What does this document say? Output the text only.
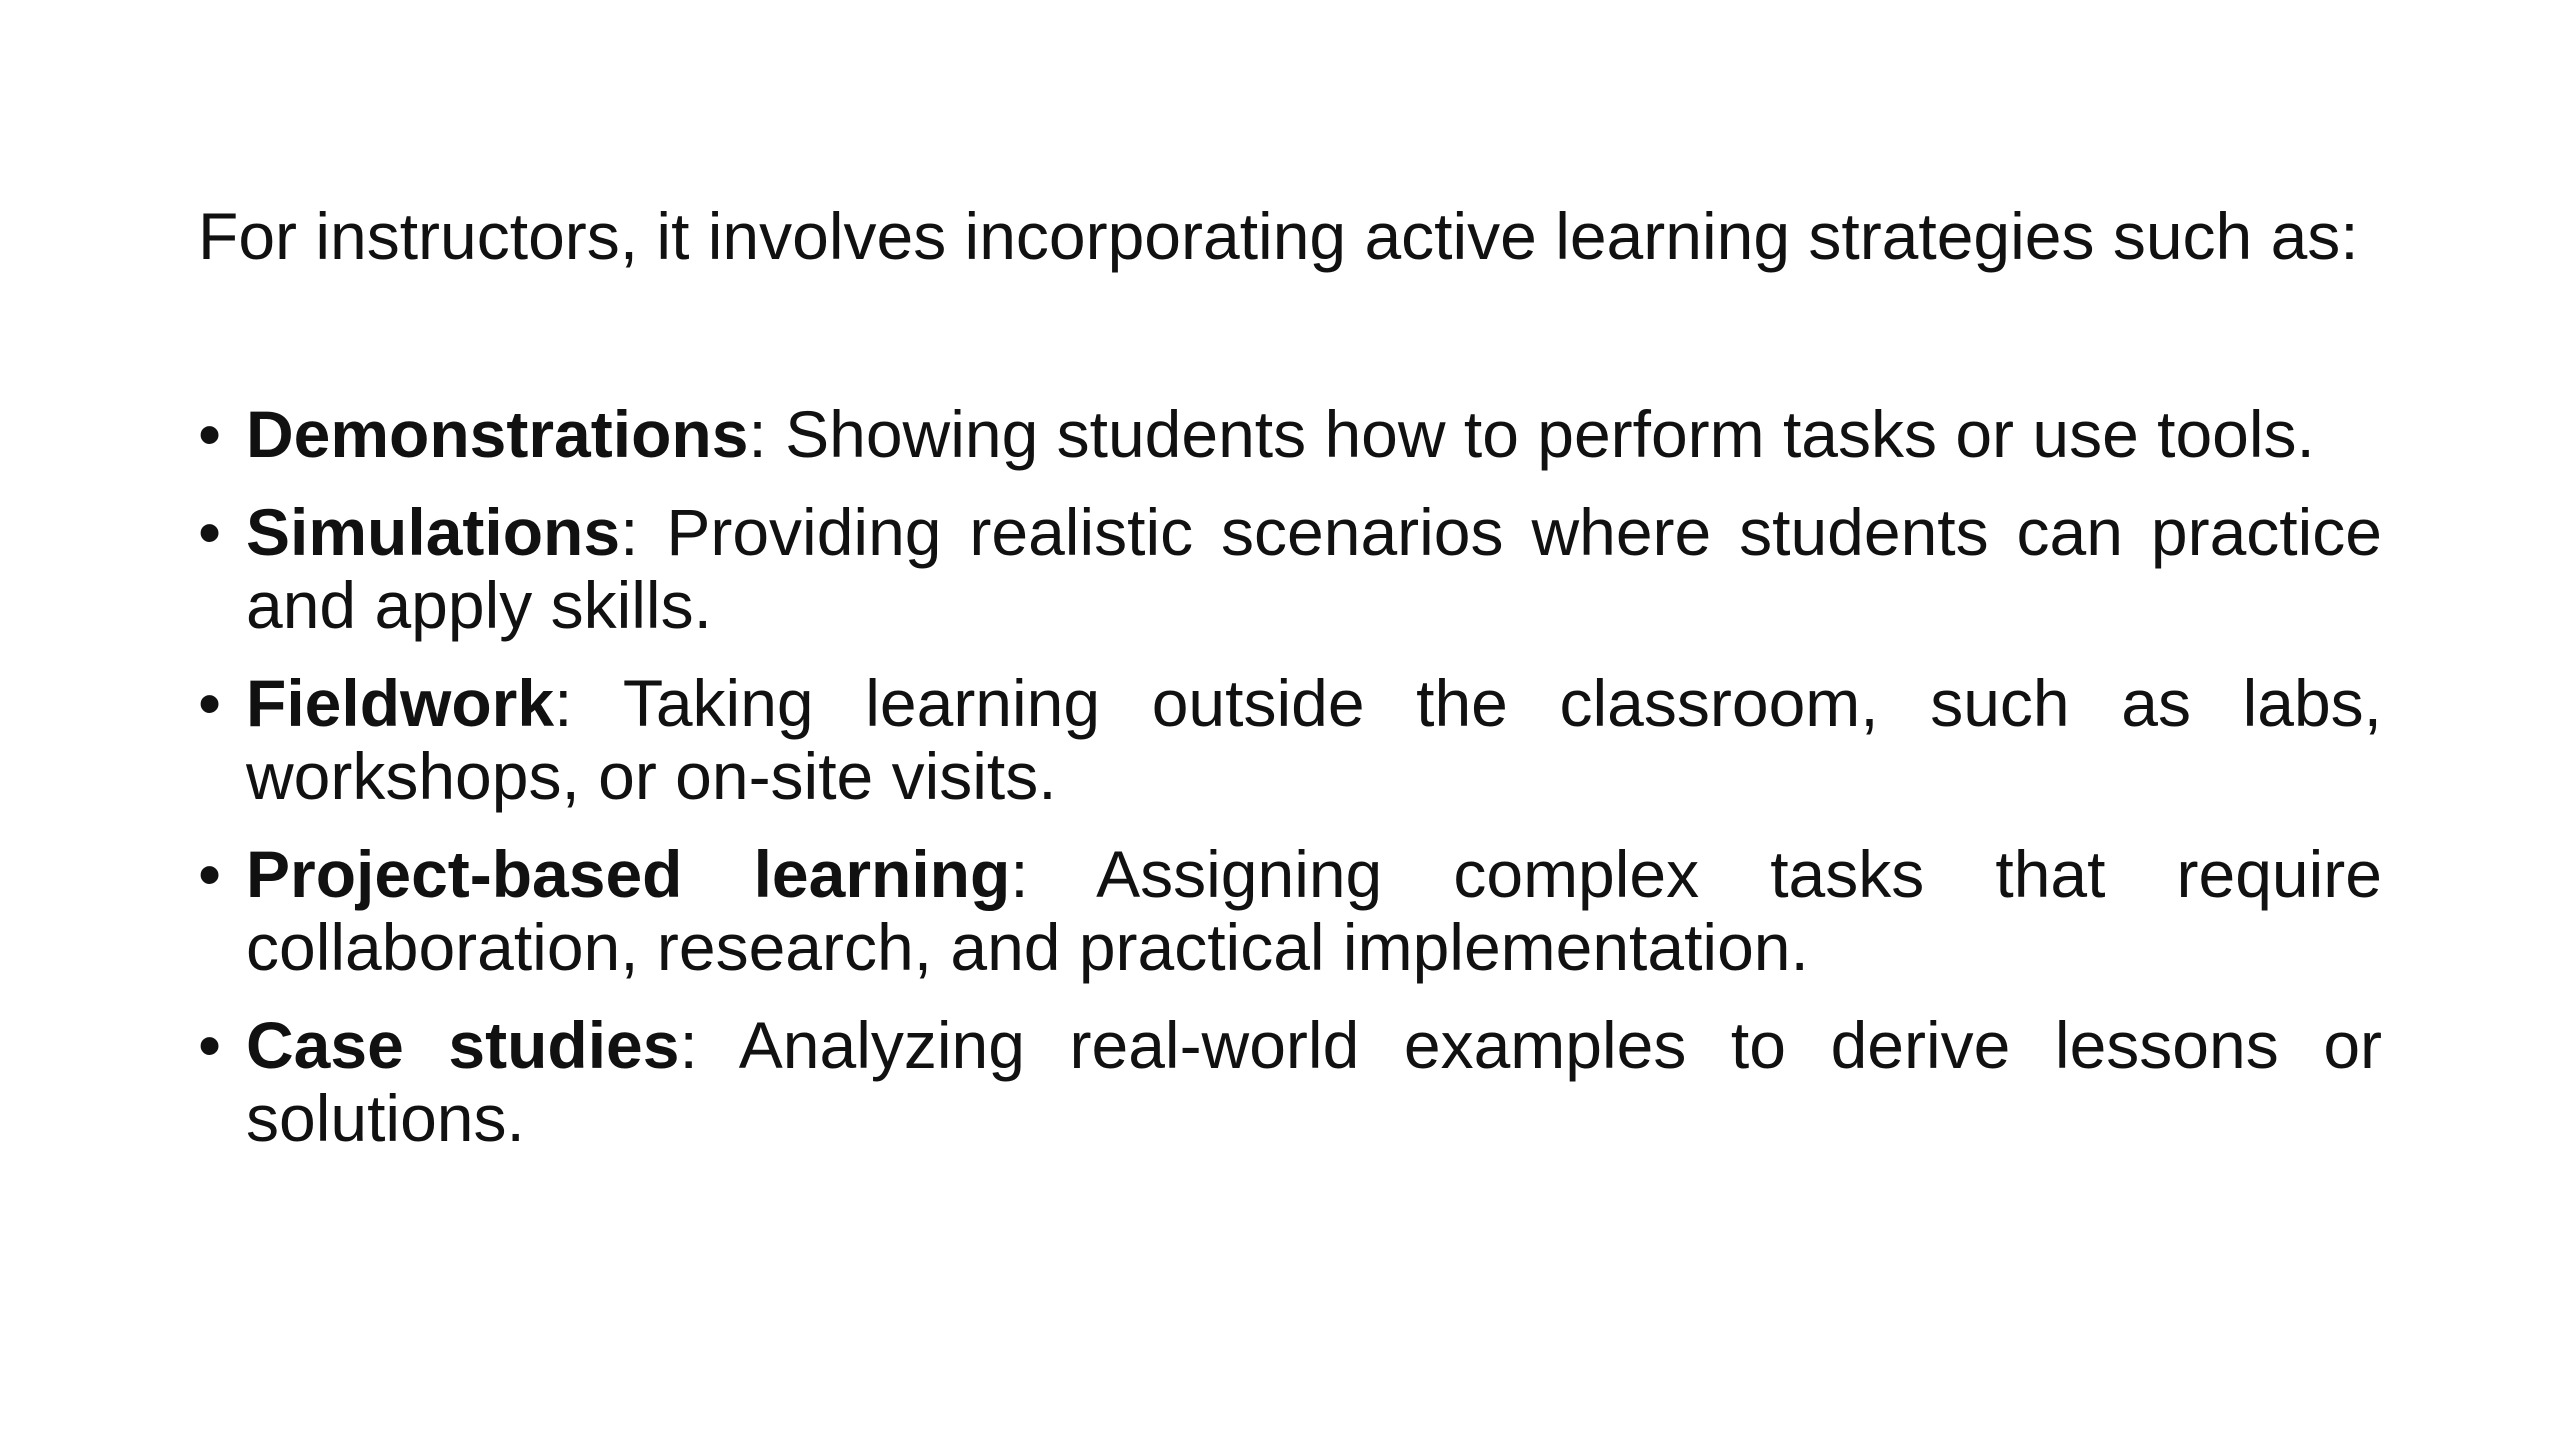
For instructors, it involves incorporating active learning strategies such as:

• Demonstrations: Showing students how to perform tasks or use tools.
• Simulations: Providing realistic scenarios where students can practice and apply skills.
• Fieldwork: Taking learning outside the classroom, such as labs, workshops, or on-site visits.
• Project-based learning: Assigning complex tasks that require collaboration, research, and practical implementation.
• Case studies: Analyzing real-world examples to derive lessons or solutions.
